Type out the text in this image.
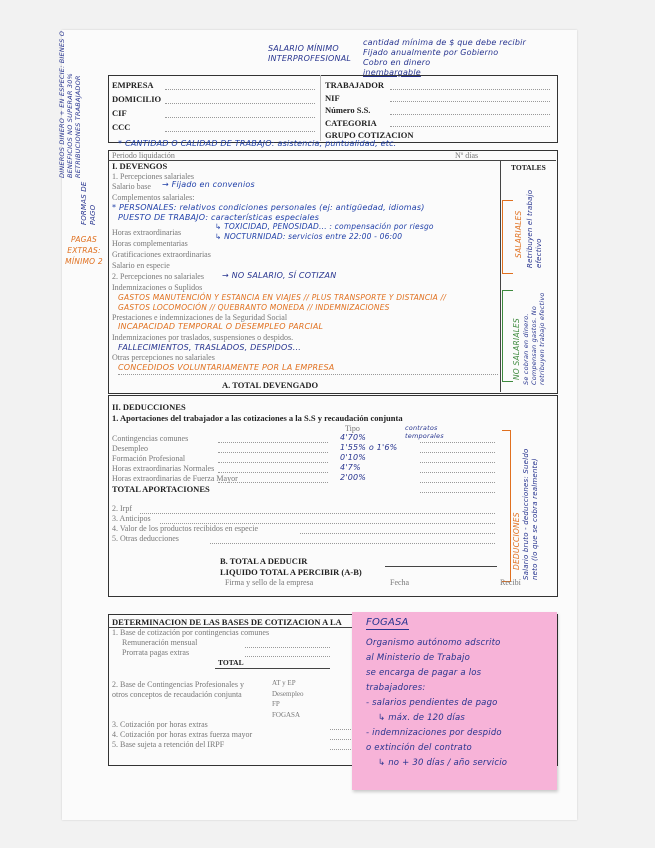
SALARIO MÍNIMO INTERPROFESIONAL
cantidad mínima de $ que debe recibir
Fijado anualmente por Gobierno
Cobro en dinero
inembargable
EMPRESA
DOMICILIO
CIF
CCC
TRABAJADOR
NIF
Número S.S.
CATEGORIA
GRUPO COTIZACION
DINEROS DINERO + EN ESPECIE: BIENES O BENEFICIOS NO SUPERAR 30% RETRIBUCIONES TRABAJADOR
FORMAS DE PAGO
PAGAS EXTRAS: MÍNIMO 2
* CANTIDAD O CALIDAD DE TRABAJO: asistencia, puntualidad, etc.
Periodo liquidación	Nº días
TOTALES
I. DEVENGOS
1. Percepciones salariales
Salario base → Fijado en convenios
Complementos salariales:
* PERSONALES: relativos condiciones personales (ej: antigüedad, idiomas)
PUESTO DE TRABAJO: características especiales
↳ TOXICIDAD, PENOSIDAD... : compensación por riesgo
↳ NOCTURNIDAD: servicios entre 22:00 - 06:00
Horas extraordinarias
Horas complementarias
Gratificaciones extraordinarias
Salario en especie
2. Percepciones no salariales → NO SALARIO, SÍ COTIZAN
Indemnizaciones o Suplidos
GASTOS MANUTENCIÓN Y ESTANCIA EN VIAJES // PLUS TRANSPORTE Y DISTANCIA //
GASTOS LOCOMOCIÓN // QUEBRANTO MONEDA // INDEMNIZACIONES
Prestaciones e indemnizaciones de la Seguridad Social
INCAPACIDAD TEMPORAL O DESEMPLEO PARCIAL
Indemnizaciones por traslados, suspensiones o despidos.
FALLECIMIENTOS, TRASLADOS, DESPIDOS...
Otras percepciones no salariales
CONCEDIDOS VOLUNTARIAMENTE POR LA EMPRESA
A. TOTAL DEVENGADO
SALARIALES Retribuyen el trabajo efectivo
NO SALARIALES Se cobran en dinero. Compensan gastos. No retribuyen trabajo efectivo
II. DEDUCCIONES
1. Aportaciones del trabajador a las cotizaciones a la S.S y recaudación conjunta
Tipo	contratos temporales
Contingencias comunes	4'70%
Desempleo	1'55% o 1'6%
Formación Profesional	0'10%
Horas extraordinarias Normales	4'7%
Horas extraordinarias de Fuerza Mayor	2'00%
TOTAL APORTACIONES
2. Irpf
3. Anticipos
4. Valor de los productos recibidos en especie
5. Otras deducciones	DEDUCCIONES Salario bruto - deducciones: Sueldo neto (lo que se cobra realmente)
B. TOTAL A DEDUCIR
LIQUIDO TOTAL A PERCIBIR (A-B)
Firma y sello de la empresa	Fecha	Recibí
DETERMINACION DE LAS BASES DE COTIZACION A LA
1. Base de cotización por contingencias comunes
Remuneración mensual
Prorrata pagas extras
TOTAL
2. Base de Contingencias Profesionales y
otros conceptos de recaudación conjunta
AT y EP
Desempleo
FP
FOGASA
3. Cotización por horas extras
4. Cotización por horas extras fuerza mayor
5. Base sujeta a retención del IRPF
FOGASA
Organismo autónomo adscrito
al Ministerio de Trabajo
se encarga de pagar a los
trabajadores:
- salarios pendientes de pago
↳ máx. de 120 días
- indemnizaciones por despido
o extinción del contrato
↳ no + 30 días / año servicio
